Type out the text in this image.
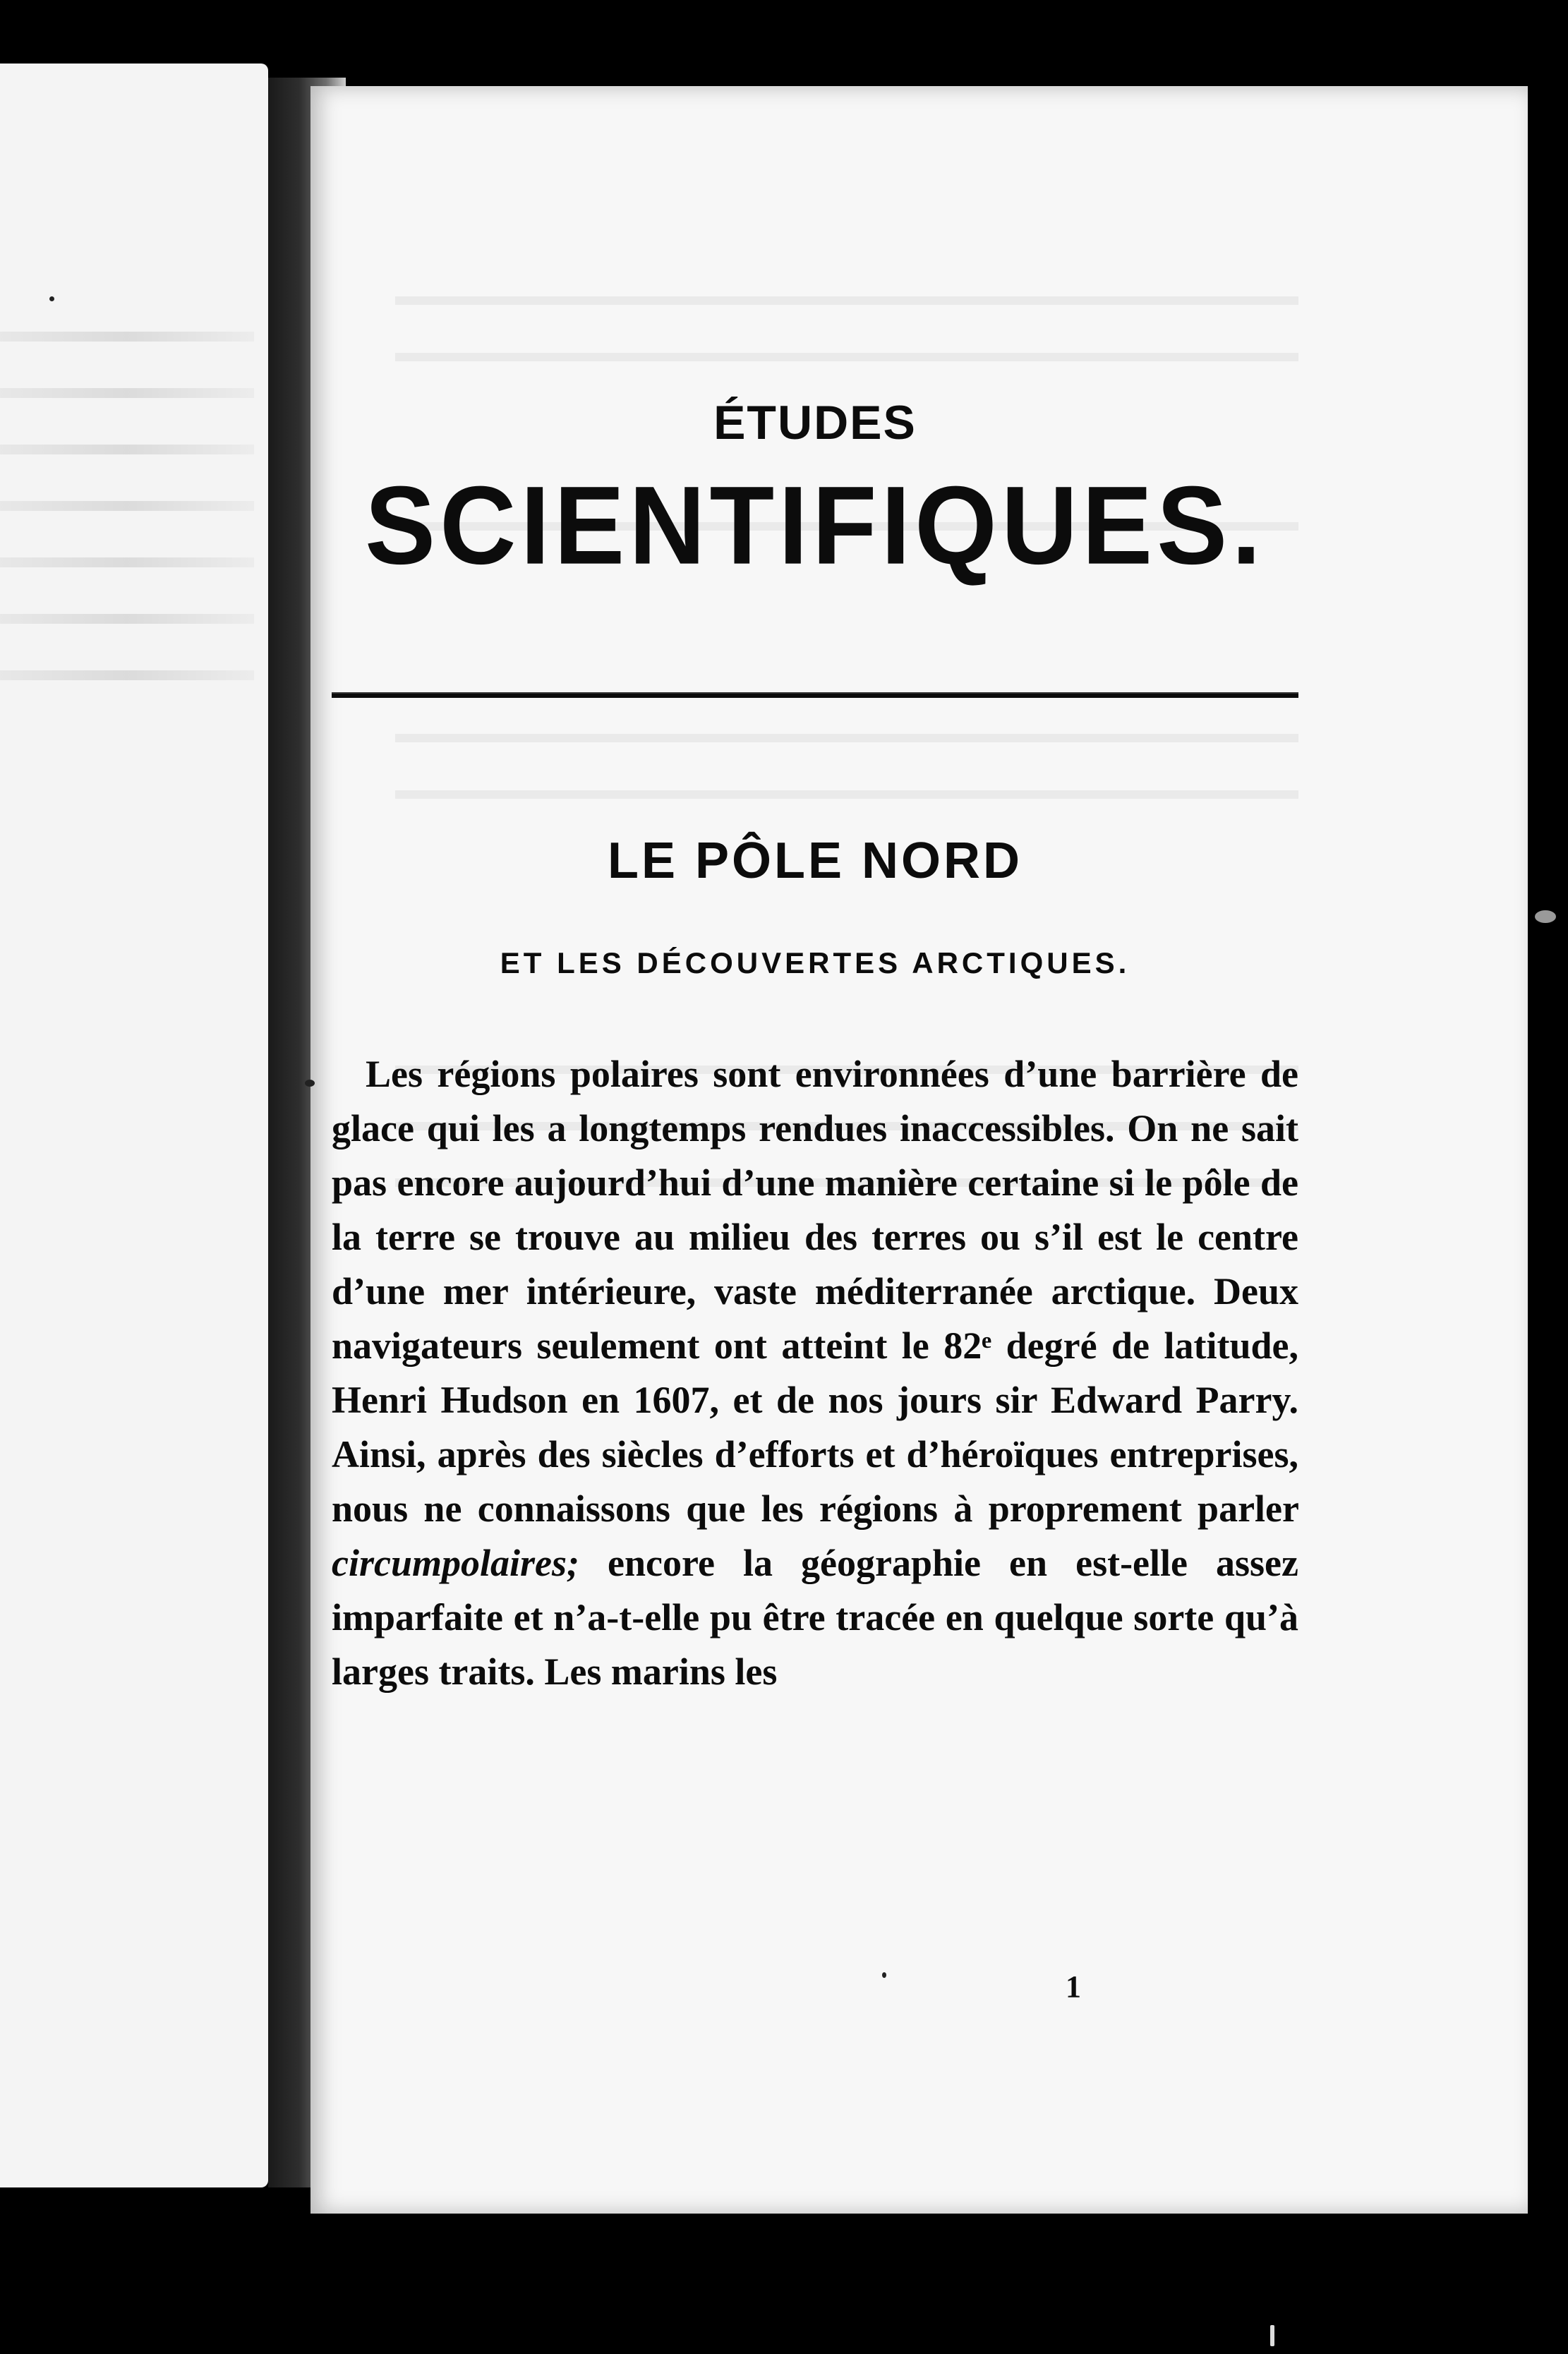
ÉTUDES
SCIENTIFIQUES.
LE PÔLE NORD
ET LES DÉCOUVERTES ARCTIQUES.

Les régions polaires sont environnées d’une barrière de glace qui les a longtemps rendues inaccessibles. On ne sait pas encore aujourd’hui d’une manière certaine si le pôle de la terre se trouve au milieu des terres ou s’il est le centre d’une mer intérieure, vaste méditerranée arctique. Deux navigateurs seulement ont atteint le 82ᵉ degré de latitude, Henri Hudson en 1607, et de nos jours sir Edward Parry. Ainsi, après des siècles d’efforts et d’héroïques entreprises, nous ne connaissons que les régions à proprement parler circumpolaires; encore la géographie en est-elle assez imparfaite et n’a-t-elle pu être tracée en quelque sorte qu’à larges traits. Les marins les

1
